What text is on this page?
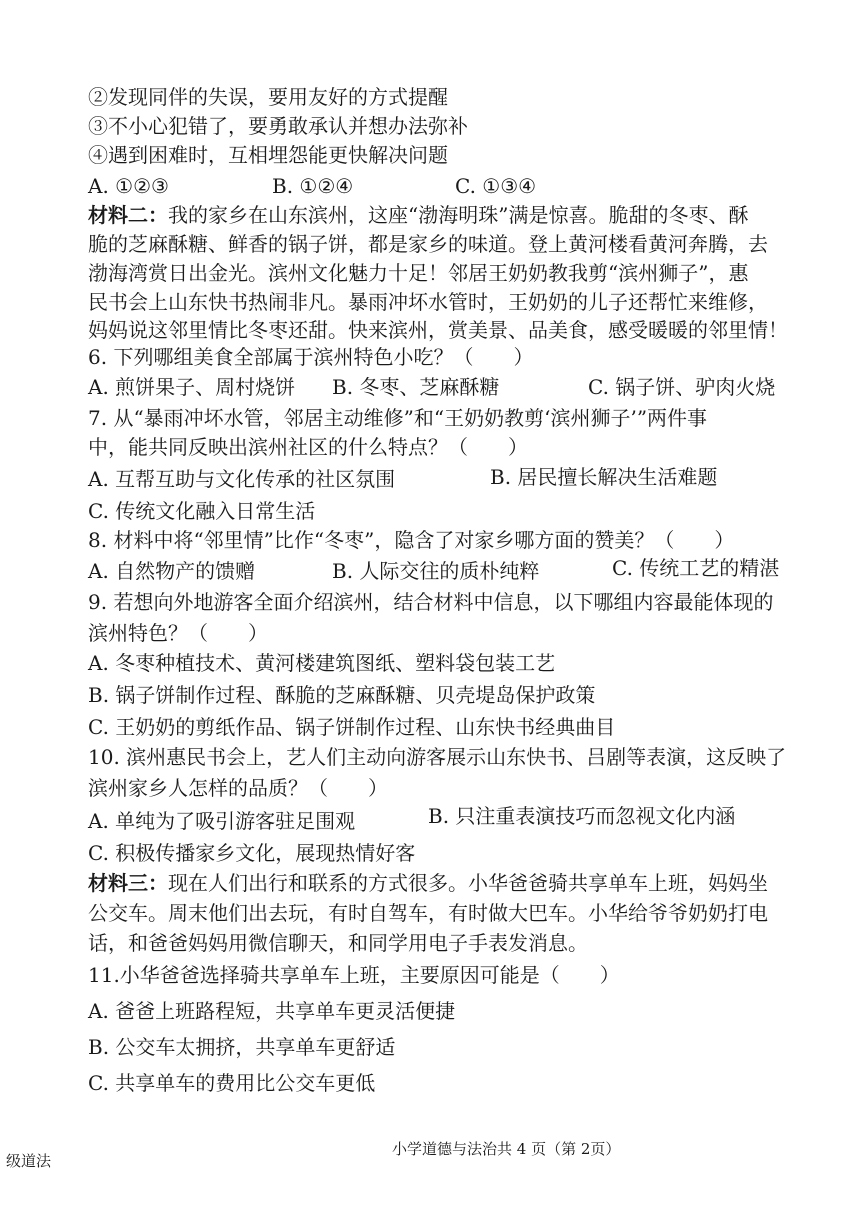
②发现同伴的失误，要用友好的方式提醒
③不小心犯错了，要勇敢承认并想办法弥补
④遇到困难时，互相埋怨能更快解决问题
A. ①②③	B. ①②④	C. ①③④
材料二：我的家乡在山东滨州，这座“渤海明珠”满是惊喜。脆甜的冬枣、酥
脆的芝麻酥糖、鲜香的锅子饼，都是家乡的味道。登上黄河楼看黄河奔腾，去
渤海湾赏日出金光。滨州文化魅力十足！邻居王奶奶教我剪“滨州狮子”，惠
民书会上山东快书热闹非凡。暴雨冲坏水管时，王奶奶的儿子还帮忙来维修，
妈妈说这邻里情比冬枣还甜。快来滨州，赏美景、品美食，感受暖暖的邻里情！
6. 下列哪组美食全部属于滨州特色小吃？（　　）
A. 煎饼果子、周村烧饼 B. 冬枣、芝麻酥糖	C. 锅子饼、驴肉火烧
7. 从“暴雨冲坏水管，邻居主动维修”和“王奶奶教剪‘滨州狮子’”两件事
中，能共同反映出滨州社区的什么特点？（　　）
A. 互帮互助与文化传承的社区氛围	B. 居民擅长解决生活难题
C. 传统文化融入日常生活
8. 材料中将“邻里情”比作“冬枣”，隐含了对家乡哪方面的赞美？（　　）
A. 自然物产的馈赠	B. 人际交往的质朴纯粹	C. 传统工艺的精湛
9. 若想向外地游客全面介绍滨州，结合材料中信息，以下哪组内容最能体现的
滨州特色？（　　）
A. 冬枣种植技术、黄河楼建筑图纸、塑料袋包装工艺
B. 锅子饼制作过程、酥脆的芝麻酥糖、贝壳堤岛保护政策
C. 王奶奶的剪纸作品、锅子饼制作过程、山东快书经典曲目
10. 滨州惠民书会上，艺人们主动向游客展示山东快书、吕剧等表演，这反映了
滨州家乡人怎样的品质？（　　）
A. 单纯为了吸引游客驻足围观	B. 只注重表演技巧而忽视文化内涵
C. 积极传播家乡文化，展现热情好客
材料三：现在人们出行和联系的方式很多。小华爸爸骑共享单车上班，妈妈坐
公交车。周末他们出去玩，有时自驾车，有时做大巴车。小华给爷爷奶奶打电
话，和爸爸妈妈用微信聊天，和同学用电子手表发消息。
11.小华爸爸选择骑共享单车上班，主要原因可能是（　　）
A. 爸爸上班路程短，共享单车更灵活便捷
B. 公交车太拥挤，共享单车更舒适
C. 共享单车的费用比公交车更低
级道法
小学道德与法治共 4 页（第 2页）
